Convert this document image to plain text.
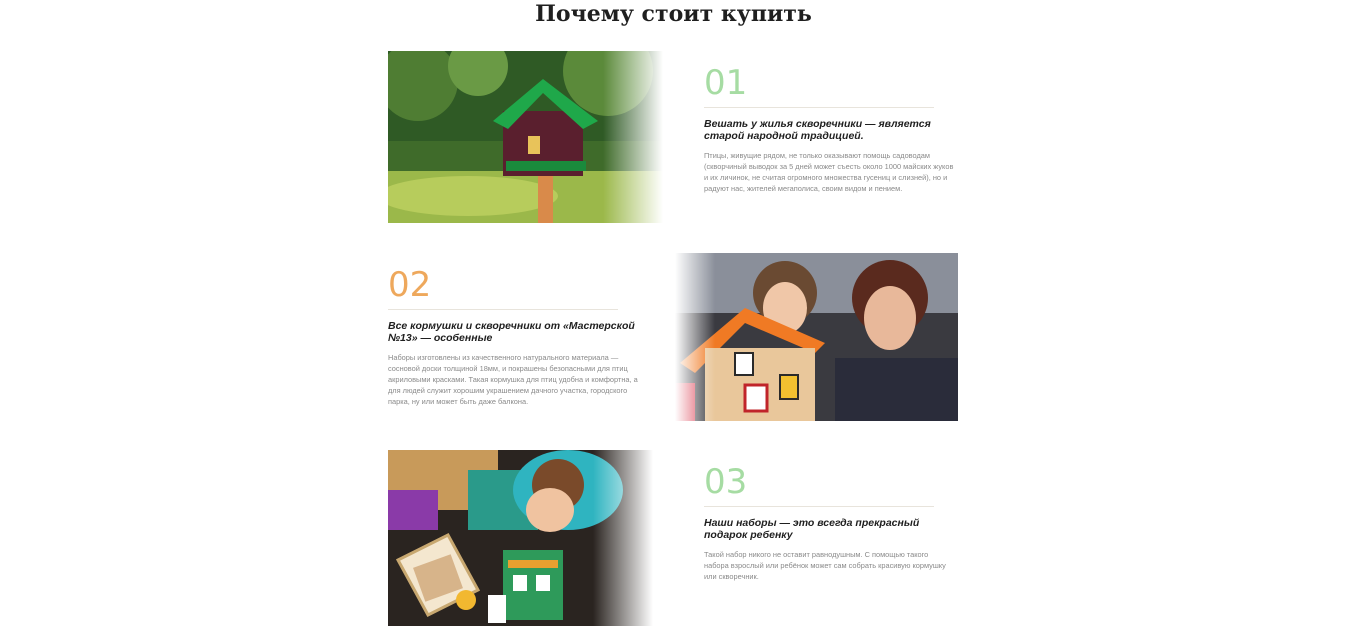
Почему стоит купить
01
Вешать у жилья скворечники — является старой народной традицией.
Птицы, живущие рядом, не только оказывают помощь садоводам (скворчиный выводок за 5 дней может съесть около 1000 майских жуков и их личинок, не считая огромного множества гусениц и слизней), но и радуют нас, жителей мегаполиса, своим видом и пением.
02
Все кормушки и скворечники от «Мастерской №13» — особенные
Наборы изготовлены из качественного натурального материала — сосновой доски толщиной 18мм, и покрашены безопасными для птиц акриловыми красками. Такая кормушка для птиц удобна и комфортна, а для людей служит хорошим украшением дачного участка, городского парка, ну или может быть даже балкона.
03
Наши наборы — это всегда прекрасный подарок ребенку
Такой набор никого не оставит равнодушным. С помощью такого набора взрослый или ребёнок может сам собрать красивую кормушку или скворечник.
